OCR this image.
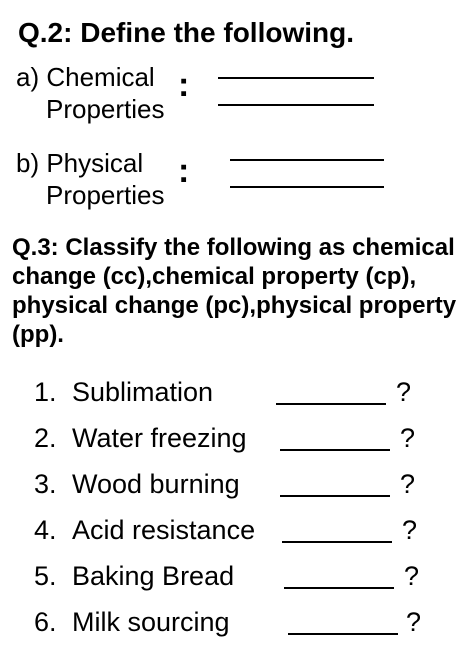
Q.2: Define the following.
a) Chemical
Properties
:
b) Physical
Properties
:
Q.3: Classify the following as chemical change (cc),chemical property (cp), physical change (pc),physical property (pp).
1. Sublimation	?
2. Water freezing	?
3. Wood burning	?
4. Acid resistance	?
5. Baking Bread	?
6. Milk sourcing	?
